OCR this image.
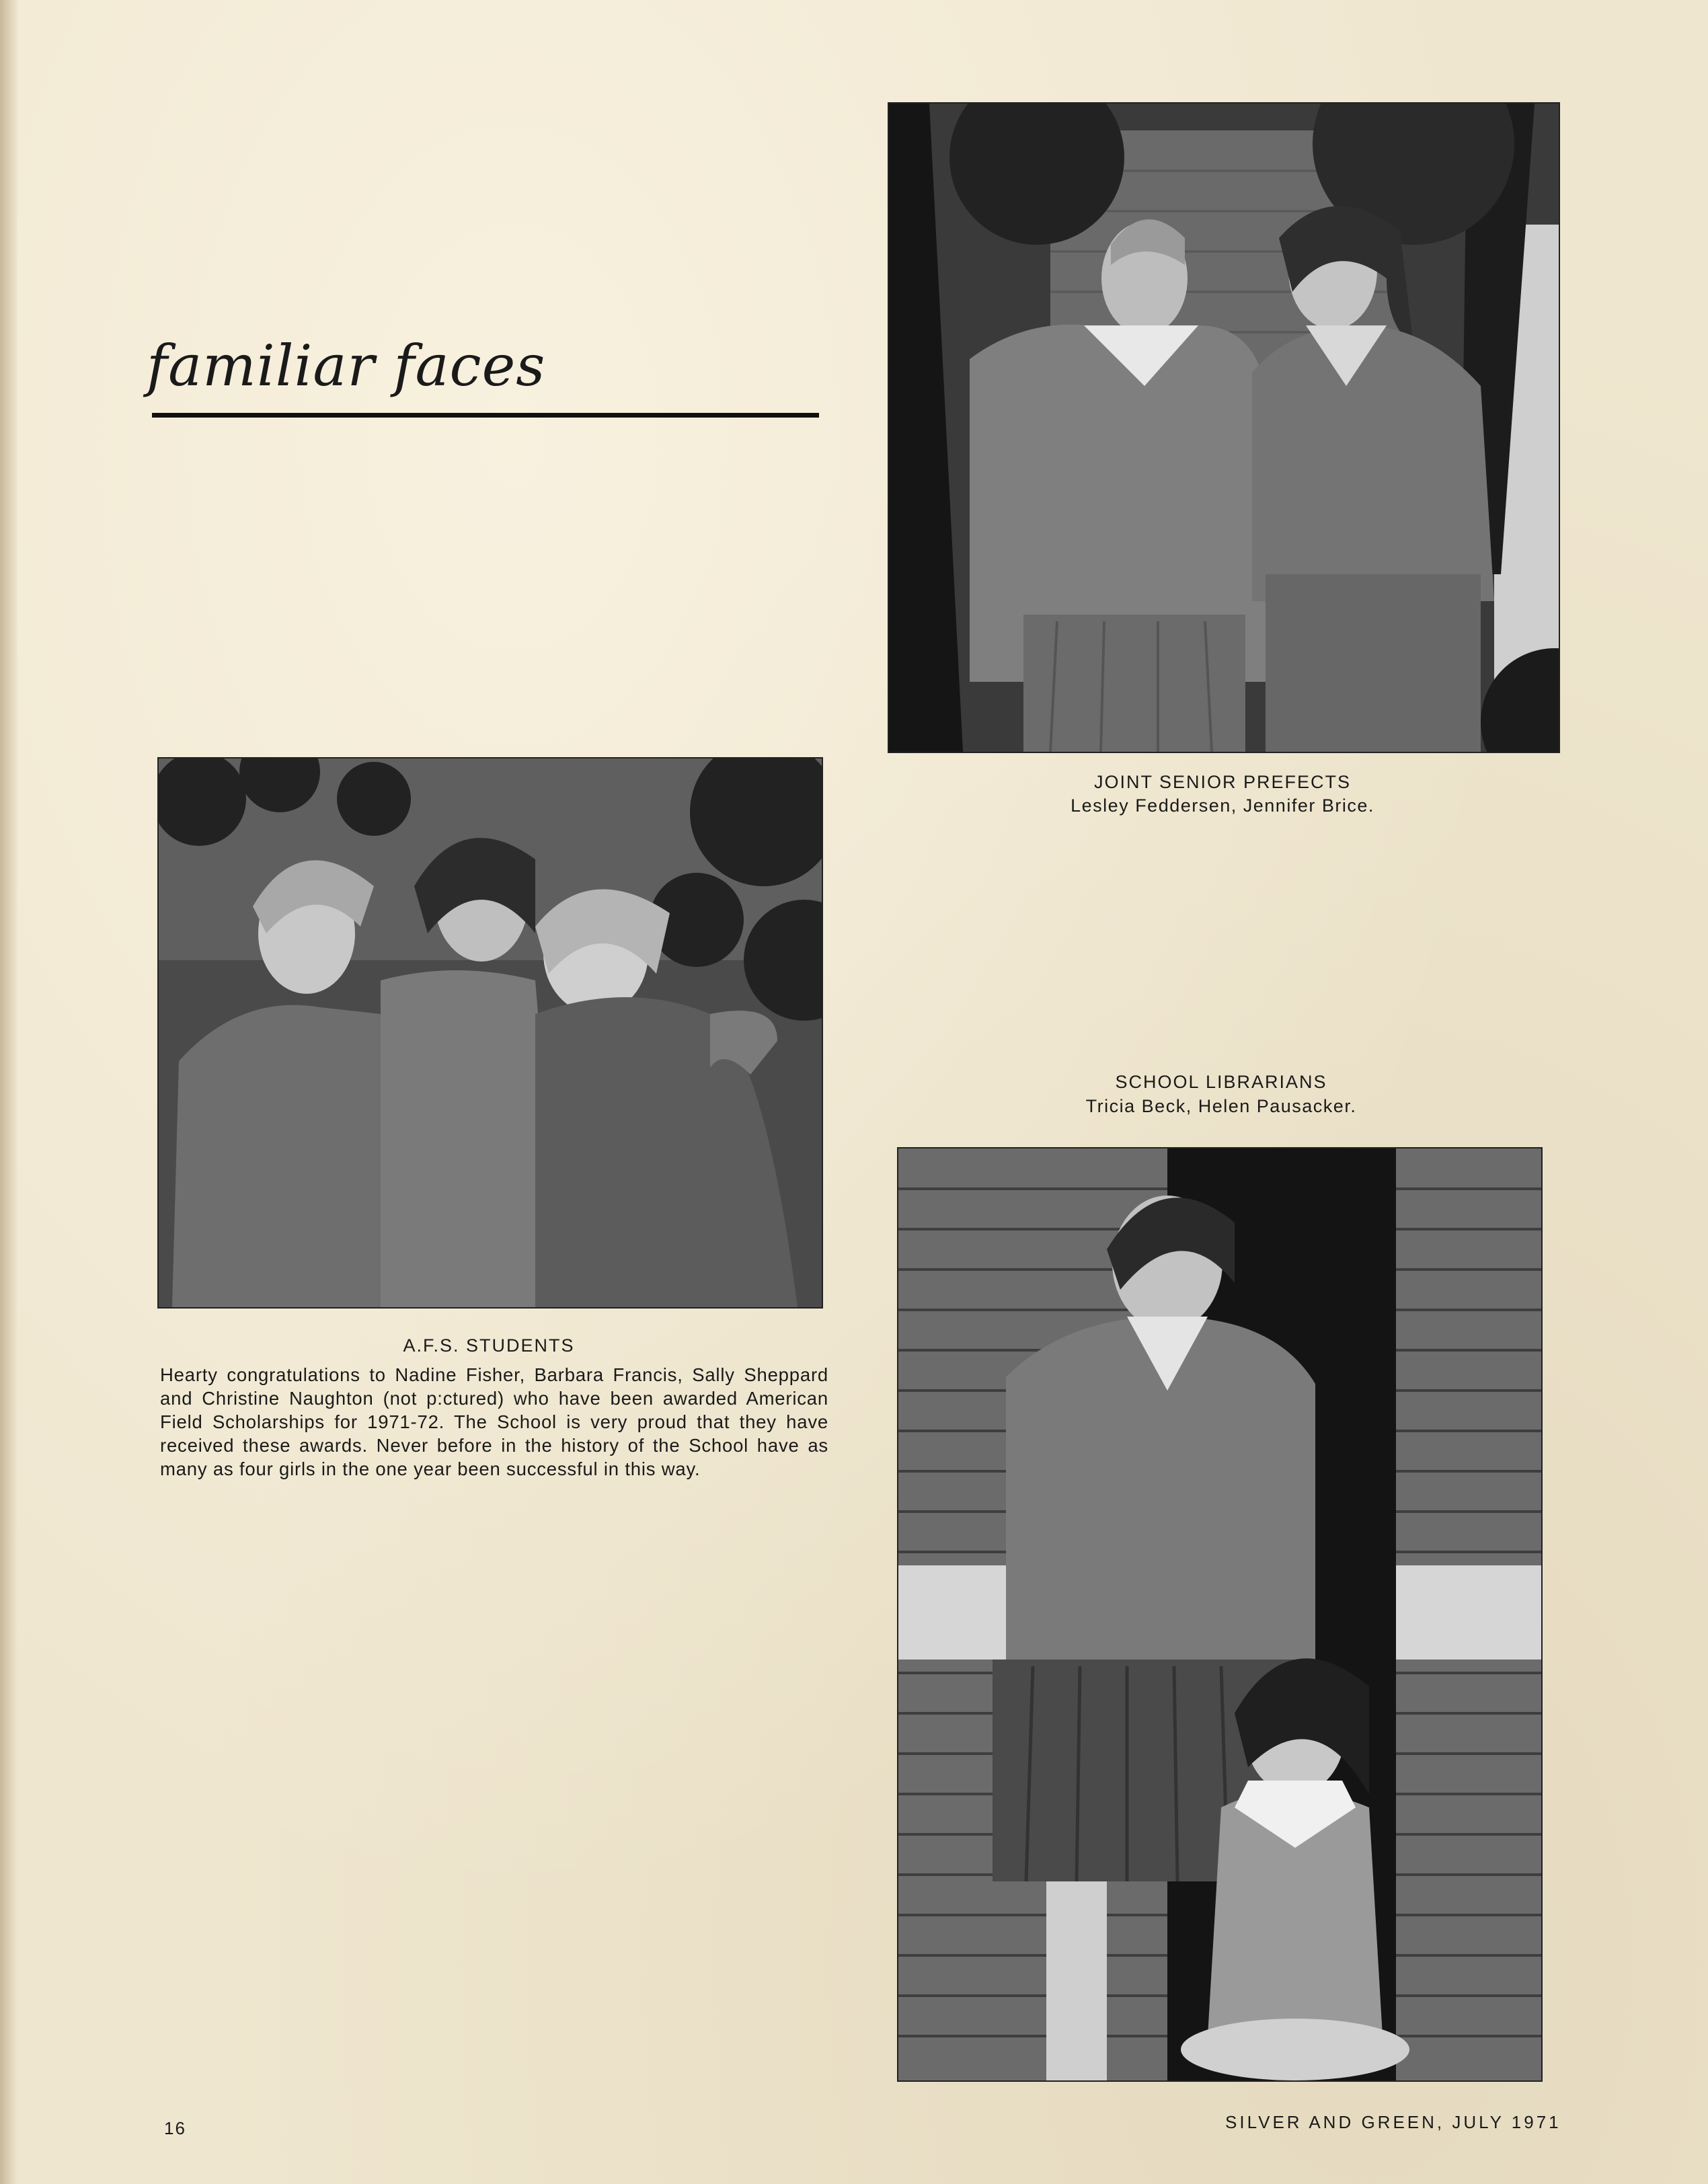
familiar faces
JOINT SENIOR PREFECTS
Lesley Feddersen, Jennifer Brice.
A.F.S. STUDENTS
Hearty congratulations to Nadine Fisher, Barbara Francis, Sally Sheppard and Christine Naughton (not p:ctured) who have been awarded American Field Scholarships for 1971-72. The School is very proud that they have received these awards. Never before in the history of the School have as many as four girls in the one year been successful in this way.
SCHOOL LIBRARIANS
Tricia Beck, Helen Pausacker.
16	SILVER AND GREEN, JULY 1971
